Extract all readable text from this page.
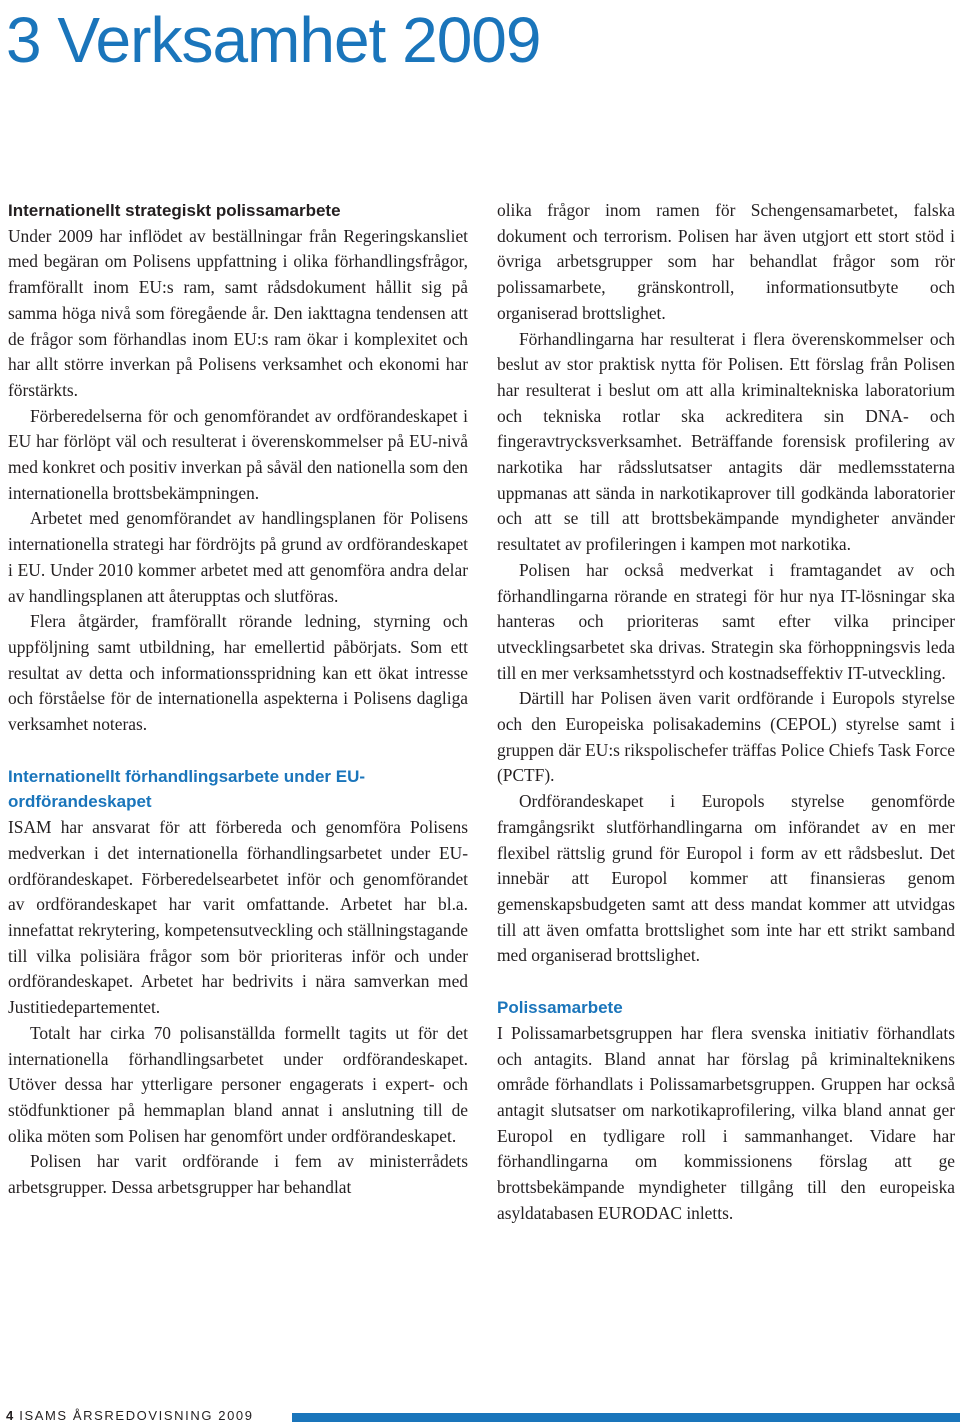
3 Verksamhet 2009
Internationellt strategiskt polissamarbete

Under 2009 har inflödet av beställningar från Regeringskansliet med begäran om Polisens uppfattning i olika förhandlingsfrågor, framförallt inom EU:s ram, samt rådsdokument hållit sig på samma höga nivå som föregående år. Den iakttagna tendensen att de frågor som förhandlas inom EU:s ram ökar i komplexitet och har allt större inverkan på Polisens verksamhet och ekonomi har förstärkts.

Förberedelserna för och genomförandet av ordförandeskapet i EU har förlöpt väl och resulterat i överenskommelser på EU-nivå med konkret och positiv inverkan på såväl den nationella som den internationella brottsbekämpningen.

Arbetet med genomförandet av handlingsplanen för Polisens internationella strategi har fördröjts på grund av ordförandeskapet i EU. Under 2010 kommer arbetet med att genomföra andra delar av handlingsplanen att återupptas och slutföras.

Flera åtgärder, framförallt rörande ledning, styrning och uppföljning samt utbildning, har emellertid påbörjats. Som ett resultat av detta och informationsspridning kan ett ökat intresse och förståelse för de internationella aspekterna i Polisens dagliga verksamhet noteras.

Internationellt förhandlingsarbete under EU-ordförandeskapet

ISAM har ansvarat för att förbereda och genomföra Polisens medverkan i det internationella förhandlingsarbetet under EU-ordförandeskapet. Förberedelsearbetet inför och genomförandet av ordförandeskapet har varit omfattande. Arbetet har bl.a. innefattat rekrytering, kompetensutveckling och ställningstagande till vilka polisiära frågor som bör prioriteras inför och under ordförandeskapet. Arbetet har bedrivits i nära samverkan med Justitiedepartementet.

Totalt har cirka 70 polisanställda formellt tagits ut för det internationella förhandlingsarbetet under ordförandeskapet. Utöver dessa har ytterligare personer engagerats i expert- och stödfunktioner på hemmaplan bland annat i anslutning till de olika möten som Polisen har genomfört under ordförandeskapet.

Polisen har varit ordförande i fem av ministerrådets arbetsgrupper. Dessa arbetsgrupper har behandlat

olika frågor inom ramen för Schengensamarbetet, falska dokument och terrorism. Polisen har även utgjort ett stort stöd i övriga arbetsgrupper som har behandlat frågor som rör polissamarbete, gränskontroll, informationsutbyte och organiserad brottslighet.

Förhandlingarna har resulterat i flera överenskommelser och beslut av stor praktisk nytta för Polisen. Ett förslag från Polisen har resulterat i beslut om att alla kriminaltekniska laboratorium och tekniska rotlar ska ackreditera sin DNA- och fingeravtrycksverksamhet. Beträffande forensisk profilering av narkotika har rådsslutsatser antagits där medlemsstaterna uppmanas att sända in narkotikaprover till godkända laboratorier och att se till att brottsbekämpande myndigheter använder resultatet av profileringen i kampen mot narkotika.

Polisen har också medverkat i framtagandet av och förhandlingarna rörande en strategi för hur nya IT-lösningar ska hanteras och prioriteras samt efter vilka principer utvecklingsarbetet ska drivas. Strategin ska förhoppningsvis leda till en mer verksamhetsstyrd och kostnadseffektiv IT-utveckling.

Därtill har Polisen även varit ordförande i Europols styrelse och den Europeiska polisakademins (CEPOL) styrelse samt i gruppen där EU:s rikspolischefer träffas Police Chiefs Task Force (PCTF).

Ordförandeskapet i Europols styrelse genomförde framgångsrikt slutförhandlingarna om införandet av en mer flexibel rättslig grund för Europol i form av ett rådsbeslut. Det innebär att Europol kommer att finansieras genom gemenskapsbudgeten samt att dess mandat kommer att utvidgas till att även omfatta brottslighet som inte har ett strikt samband med organiserad brottslighet.

Polissamarbete

I Polissamarbetsgruppen har flera svenska initiativ förhandlats och antagits. Bland annat har förslag på kriminalteknikens område förhandlats i Polissamarbetsgruppen. Gruppen har också antagit slutsatser om narkotikaprofilering, vilka bland annat ger Europol en tydligare roll i sammanhanget. Vidare har förhandlingarna om kommissionens förslag att ge brottsbekämpande myndigheter tillgång till den europeiska asyldatabasen EURODAC inletts.

4 ISAMS ÅRSREDOVISNING 2009
